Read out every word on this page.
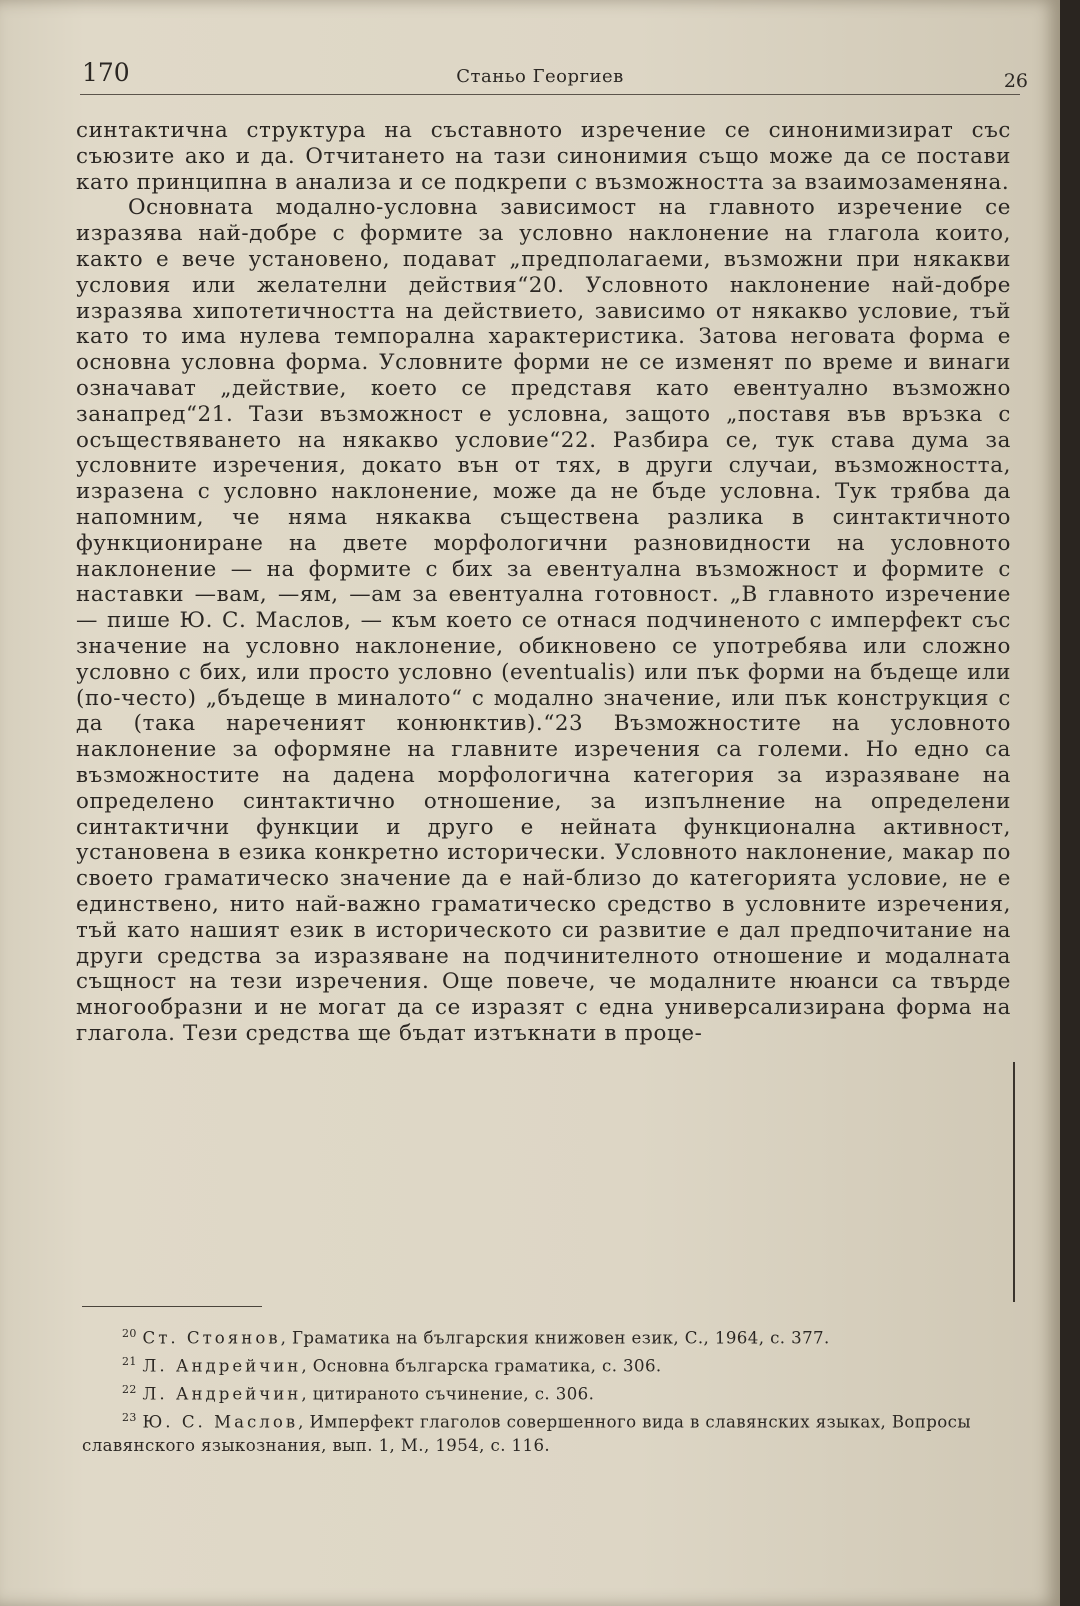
170	Станьо Георгиев	26

синтактична структура на съставното изречение се синонимизират със съюзите ако и да. Отчитането на тази синонимия също може да се постави като принципна в анализа и се подкрепи с възможността за взаимозаменяна.

Основната модално-условна зависимост на главното изречение се изразява най-добре с формите за условно наклонение на глагола които, както е вече установено, подават „предполагаеми, възможни при някакви условия или желателни действия“20. Условното наклонение най-добре изразява хипотетичността на действието, зависимо от някакво условие, тъй като то има нулева темпорална характеристика. Затова неговата форма е основна условна форма. Условните форми не се изменят по време и винаги означават „действие, което се представя като евентуално възможно занапред“21. Тази възможност е условна, защото „поставя във връзка с осъществяването на някакво условие“22. Разбира се, тук става дума за условните изречения, докато вън от тях, в други случаи, възможността, изразена с условно наклонение, може да не бъде условна. Тук трябва да напомним, че няма някаква съществена разлика в синтактичното функциониране на двете морфологични разновидности на условното наклонение — на формите с бих за евентуална възможност и формите с наставки —вам, —ям, —ам за евентуална готовност. „В главното изречение — пише Ю. С. Маслов, — към което се отнася подчиненото с имперфект със значение на условно наклонение, обикновено се употребява или сложно условно с бих, или просто условно (eventualis) или пък форми на бъдеще или (по-често) „бъдеще в миналото“ с модално значение, или пък конструкция с да (така нареченият конюнктив).“23 Възможностите на условното наклонение за оформяне на главните изречения са големи. Но едно са възможностите на дадена морфологична категория за изразяване на определено синтактично отношение, за изпълнение на определени синтактични функции и друго е нейната функционална активност, установена в езика конкретно исторически. Условното наклонение, макар по своето граматическо значение да е най-близо до категорията условие, не е единствено, нито най-важно граматическо средство в условните изречения, тъй като нашият език в историческото си развитие е дал предпочитание на други средства за изразяване на подчинителното отношение и модалната същност на тези изречения. Още повече, че модалните нюанси са твърде многообразни и не могат да се изразят с една универсализирана форма на глагола. Тези средства ще бъдат изтъкнати в проце-

$^{20}$ Ст. Стоянов, Граматика на българския книжовен език, С., 1964, с. 377.

$^{21}$ Л. Андрейчин, Основна българска граматика, с. 306.

$^{22}$ Л. Андрейчин, цитираното съчинение, с. 306.

$^{23}$ Ю. С. Маслов, Имперфект глаголов совершенного вида в славянских языках, Вопросы славянского языкознания, вып. 1, М., 1954, с. 116.
